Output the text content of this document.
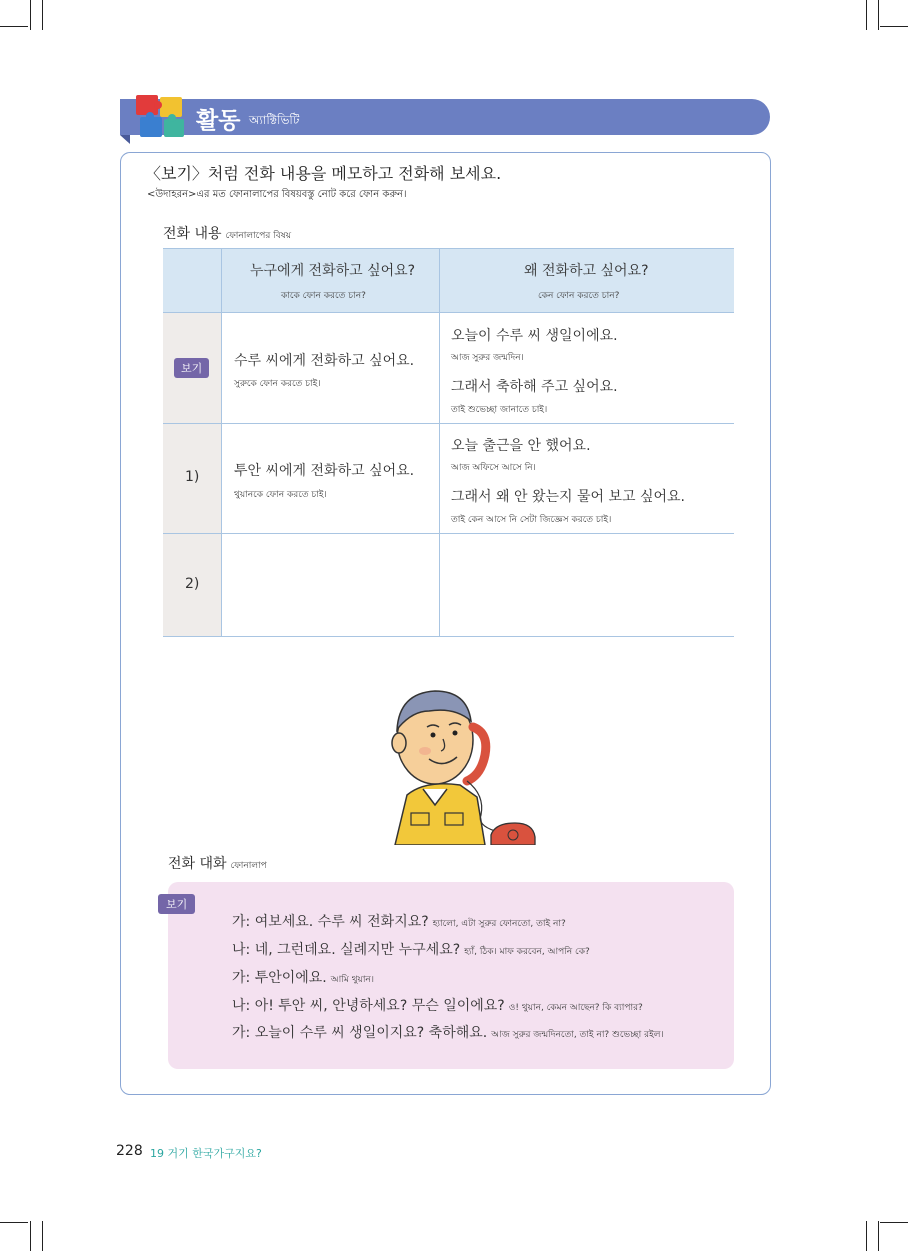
활동 অ্যাক্টিভিটি
〈보기〉처럼 전화 내용을 메모하고 전화해 보세요.
<উদাহরন>এর মত ফোনালাপের বিষয়বস্তু নোট করে ফোন করুন।
전화 내용 ফোনালাপের বিষয়
누구에게 전화하고 싶어요?
কাকে ফোন করতে চান?
왜 전화하고 싶어요?
কেন ফোন করতে চান?
보기	수루 씨에게 전화하고 싶어요.
সুরুকে ফোন করতে চাই।
오늘이 수루 씨 생일이에요.
আজ সুরুর জন্মদিন।
그래서 축하해 주고 싶어요.
তাই শুভেচ্ছা জানাতে চাই।
1) 투안 씨에게 전화하고 싶어요.
থুয়ানকে ফোন করতে চাই।
오늘 출근을 안 했어요.
আজ অফিসে আসে নি।
그래서 왜 안 왔는지 물어 보고 싶어요.
তাই কেন আসে নি সেটা জিজ্ঞেস করতে চাই।
2)
전화 대화 ফোনালাপ
보기
가: 여보세요. 수루 씨 전화지요? হ্যালো, এটা সুরুর ফোনতো, তাই না?
나: 네, 그런데요. 실례지만 누구세요? হ্যাঁ, ঠিক। মাফ করবেন, আপনি কে?
가: 투안이에요. আমি থুয়ান।
나: 아! 투안 씨, 안녕하세요? 무슨 일이에요? ও! থুয়ান, কেমন আছেন? কি ব্যাপার?
가: 오늘이 수루 씨 생일이지요? 축하해요. আজ সুরুর জন্মদিনতো, তাই না? শুভেচ্ছা রইল।
228 19 거기 한국가구지요?
